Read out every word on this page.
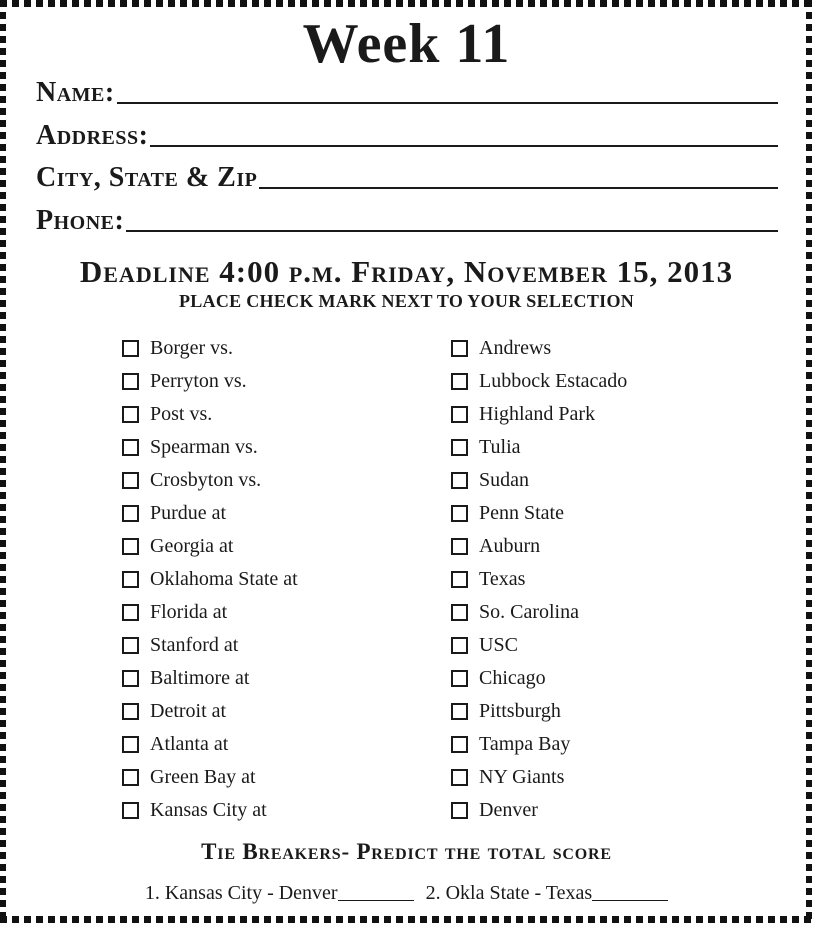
Week 11
Name:
Address:
City, State & Zip
Phone:
Deadline 4:00 p.m. Friday, November 15, 2013
PLACE CHECK MARK NEXT TO YOUR SELECTION
Borger vs.	Andrews
Perryton vs.	Lubbock Estacado
Post vs.	Highland Park
Spearman vs.	Tulia
Crosbyton vs.	Sudan
Purdue at	Penn State
Georgia at	Auburn
Oklahoma State at	Texas
Florida at	So. Carolina
Stanford at	USC
Baltimore at	Chicago
Detroit at	Pittsburgh
Atlanta at	Tampa Bay
Green Bay at	NY Giants
Kansas City at	Denver
Tie Breakers- Predict the total score
1. Kansas City - Denver	2. Okla State - Texas
